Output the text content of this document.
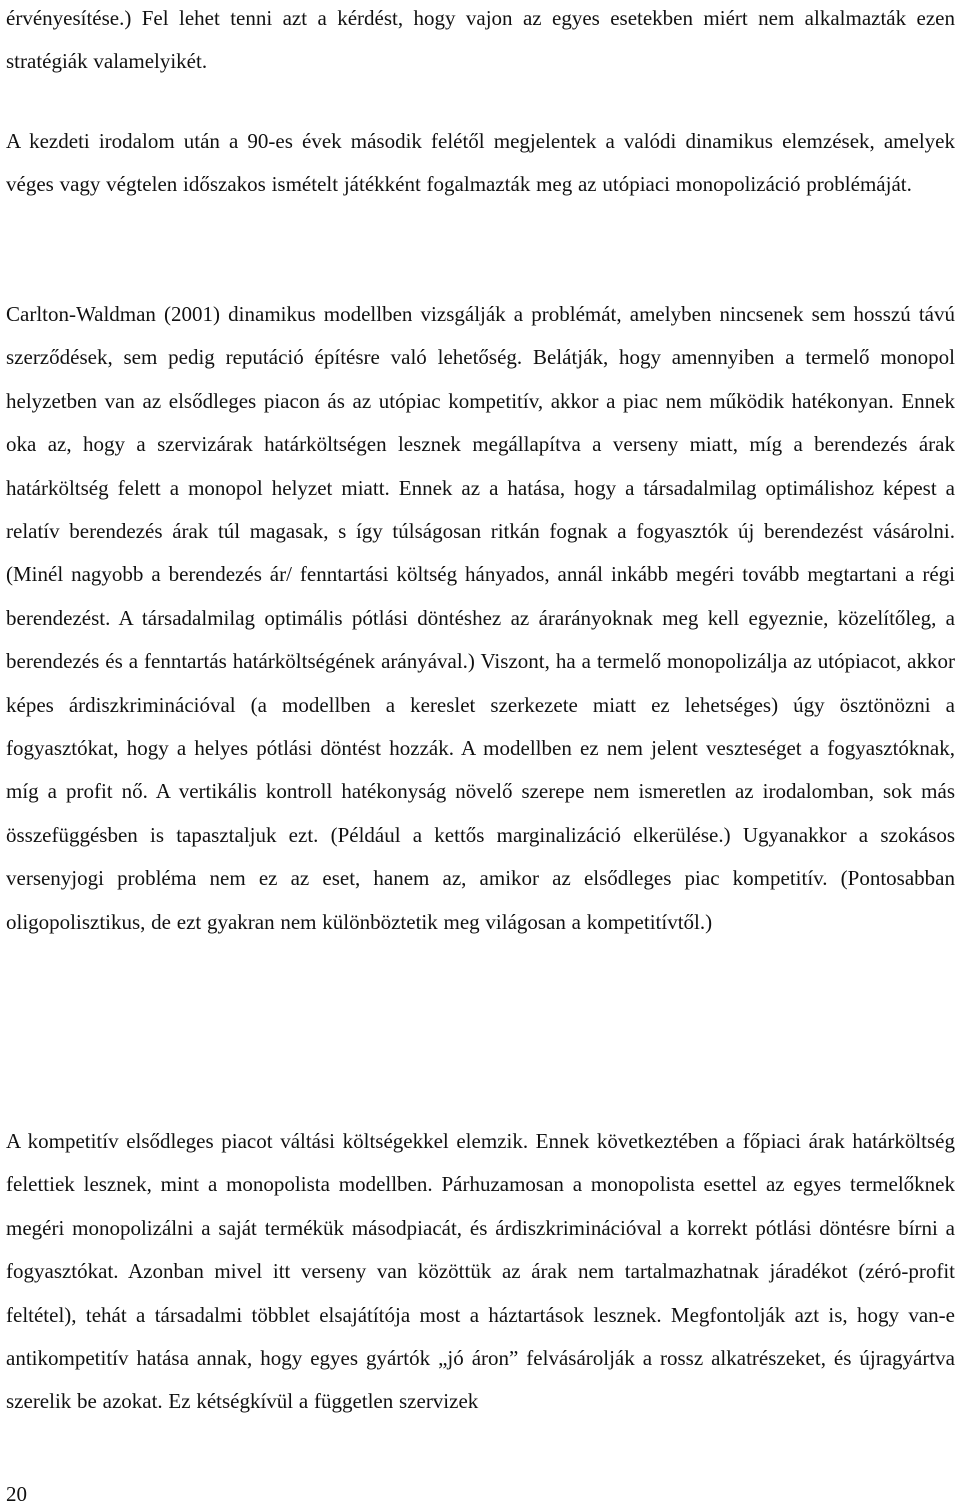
érvényesítése.) Fel lehet tenni azt a kérdést, hogy vajon az egyes esetekben miért nem alkalmazták ezen stratégiák valamelyikét.

A kezdeti irodalom után a 90-es évek második felétől megjelentek a valódi dinamikus elemzések, amelyek véges vagy végtelen időszakos ismételt játékként fogalmazták meg az utópiaci monopolizáció problémáját.

Carlton-Waldman (2001) dinamikus modellben vizsgálják a problémát, amelyben nincsenek sem hosszú távú szerződések, sem pedig reputáció építésre való lehetőség. Belátják, hogy amennyiben a termelő monopol helyzetben van az elsődleges piacon ás az utópiac kompetitív, akkor a piac nem működik hatékonyan. Ennek oka az, hogy a szervizárak határköltségen lesznek megállapítva a verseny miatt, míg a berendezés árak határköltség felett a monopol helyzet miatt. Ennek az a hatása, hogy a társadalmilag optimálishoz képest a relatív berendezés árak túl magasak, s így túlságosan ritkán fognak a fogyasztók új berendezést vásárolni. (Minél nagyobb a berendezés ár/ fenntartási költség hányados, annál inkább megéri tovább megtartani a régi berendezést. A társadalmilag optimális pótlási döntéshez az árarányoknak meg kell egyeznie, közelítőleg, a berendezés és a fenntartás határköltségének arányával.) Viszont, ha a termelő monopolizálja az utópiacot, akkor képes árdiszkriminációval (a modellben a kereslet szerkezete miatt ez lehetséges) úgy ösztönözni a fogyasztókat, hogy a helyes pótlási döntést hozzák. A modellben ez nem jelent veszteséget a fogyasztóknak, míg a profit nő. A vertikális kontroll hatékonyság növelő szerepe nem ismeretlen az irodalomban, sok más összefüggésben is tapasztaljuk ezt. (Például a kettős marginalizáció elkerülése.) Ugyanakkor a szokásos versenyjogi probléma nem ez az eset, hanem az, amikor az elsődleges piac kompetitív. (Pontosabban oligopolisztikus, de ezt gyakran nem különböztetik meg világosan a kompetitívtől.)

A kompetitív elsődleges piacot váltási költségekkel elemzik. Ennek következtében a főpiaci árak határköltség felettiek lesznek, mint a monopolista modellben. Párhuzamosan a monopolista esettel az egyes termelőknek megéri monopolizálni a saját termékük másodpiacát, és árdiszkriminációval a korrekt pótlási döntésre bírni a fogyasztókat. Azonban mivel itt verseny van közöttük az árak nem tartalmazhatnak járadékot (zéró-profit feltétel), tehát a társadalmi többlet elsajátítója most a háztartások lesznek. Megfontolják azt is, hogy van-e antikompetitív hatása annak, hogy egyes gyártók „jó áron” felvásárolják a rossz alkatrészeket, és újragyártva szerelik be azokat. Ez kétségkívül a független szervizek

20
